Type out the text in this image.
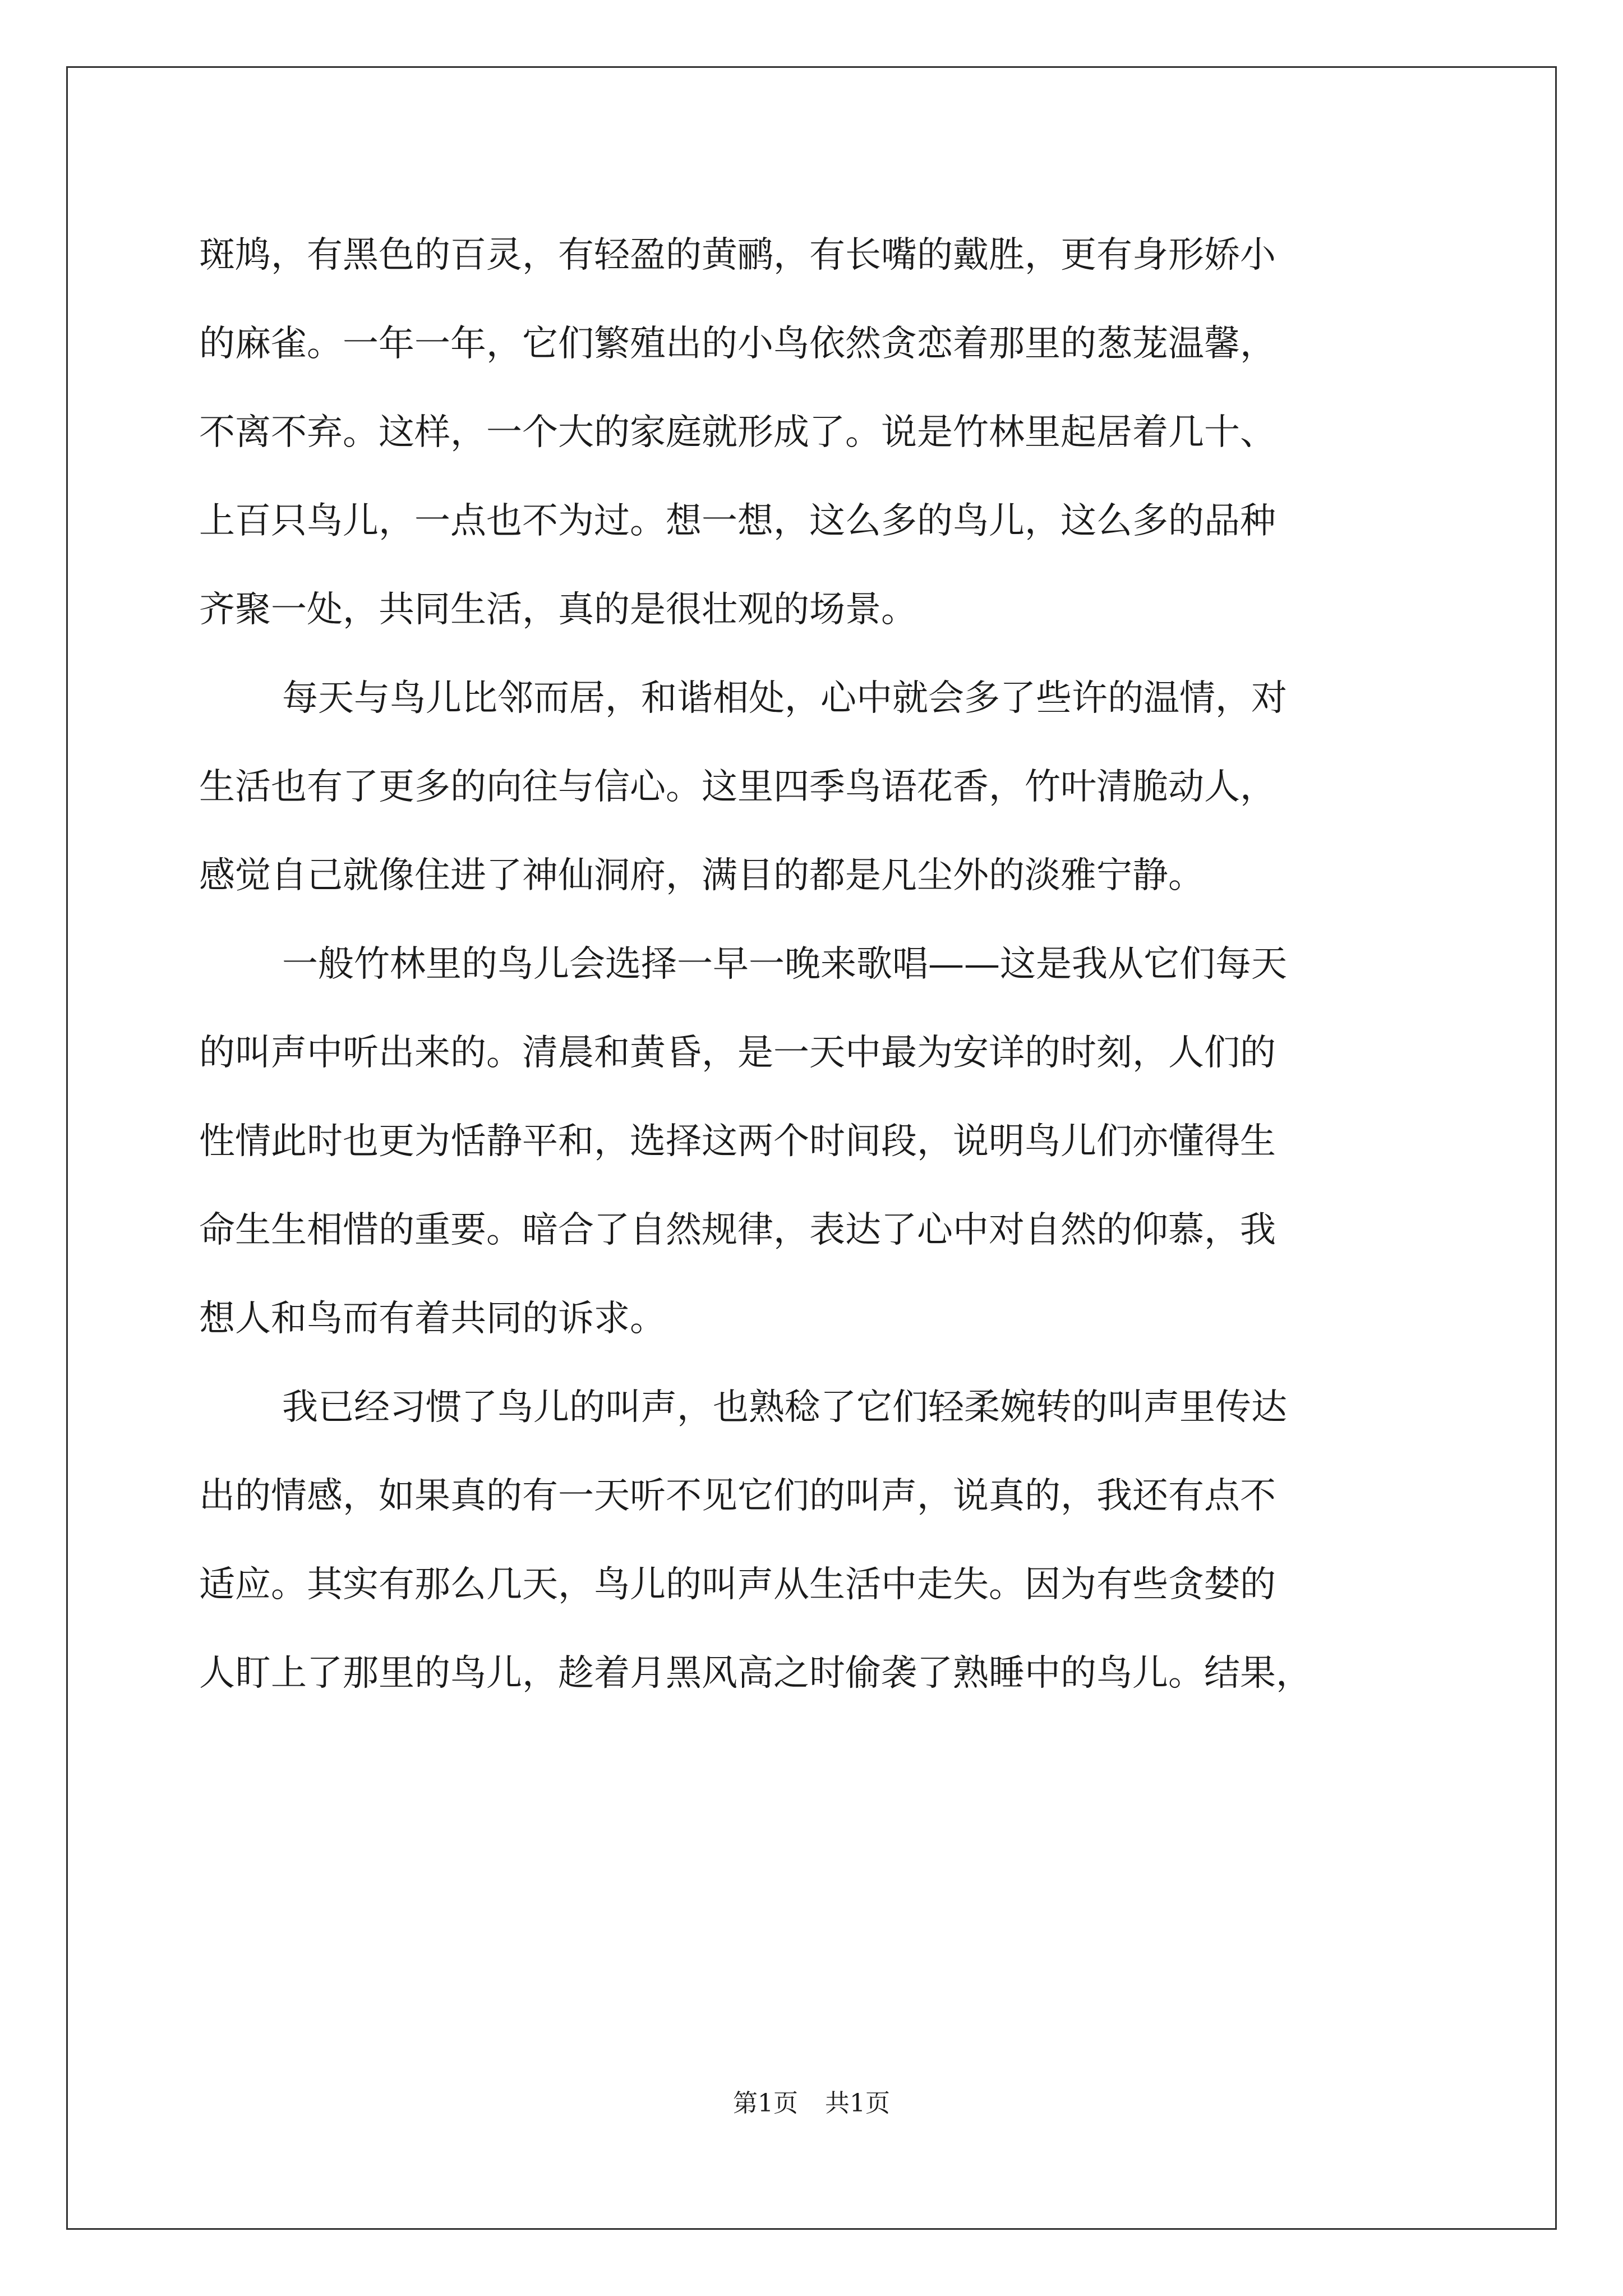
斑鸠，有黑色的百灵，有轻盈的黄鹂，有长嘴的戴胜，更有身形娇小
的麻雀。一年一年，它们繁殖出的小鸟依然贪恋着那里的葱茏温馨，
不离不弃。这样，一个大的家庭就形成了。说是竹林里起居着几十、
上百只鸟儿，一点也不为过。想一想，这么多的鸟儿，这么多的品种
齐聚一处，共同生活，真的是很壮观的场景。
每天与鸟儿比邻而居，和谐相处，心中就会多了些许的温情，对
生活也有了更多的向往与信心。这里四季鸟语花香，竹叶清脆动人，
感觉自己就像住进了神仙洞府，满目的都是凡尘外的淡雅宁静。
一般竹林里的鸟儿会选择一早一晚来歌唱——这是我从它们每天
的叫声中听出来的。清晨和黄昏，是一天中最为安详的时刻，人们的
性情此时也更为恬静平和，选择这两个时间段，说明鸟儿们亦懂得生
命生生相惜的重要。暗合了自然规律，表达了心中对自然的仰慕，我
想人和鸟而有着共同的诉求。
我已经习惯了鸟儿的叫声，也熟稔了它们轻柔婉转的叫声里传达
出的情感，如果真的有一天听不见它们的叫声，说真的，我还有点不
适应。其实有那么几天，鸟儿的叫声从生活中走失。因为有些贪婪的
人盯上了那里的鸟儿，趁着月黑风高之时偷袭了熟睡中的鸟儿。结果，
第1页 共1页
